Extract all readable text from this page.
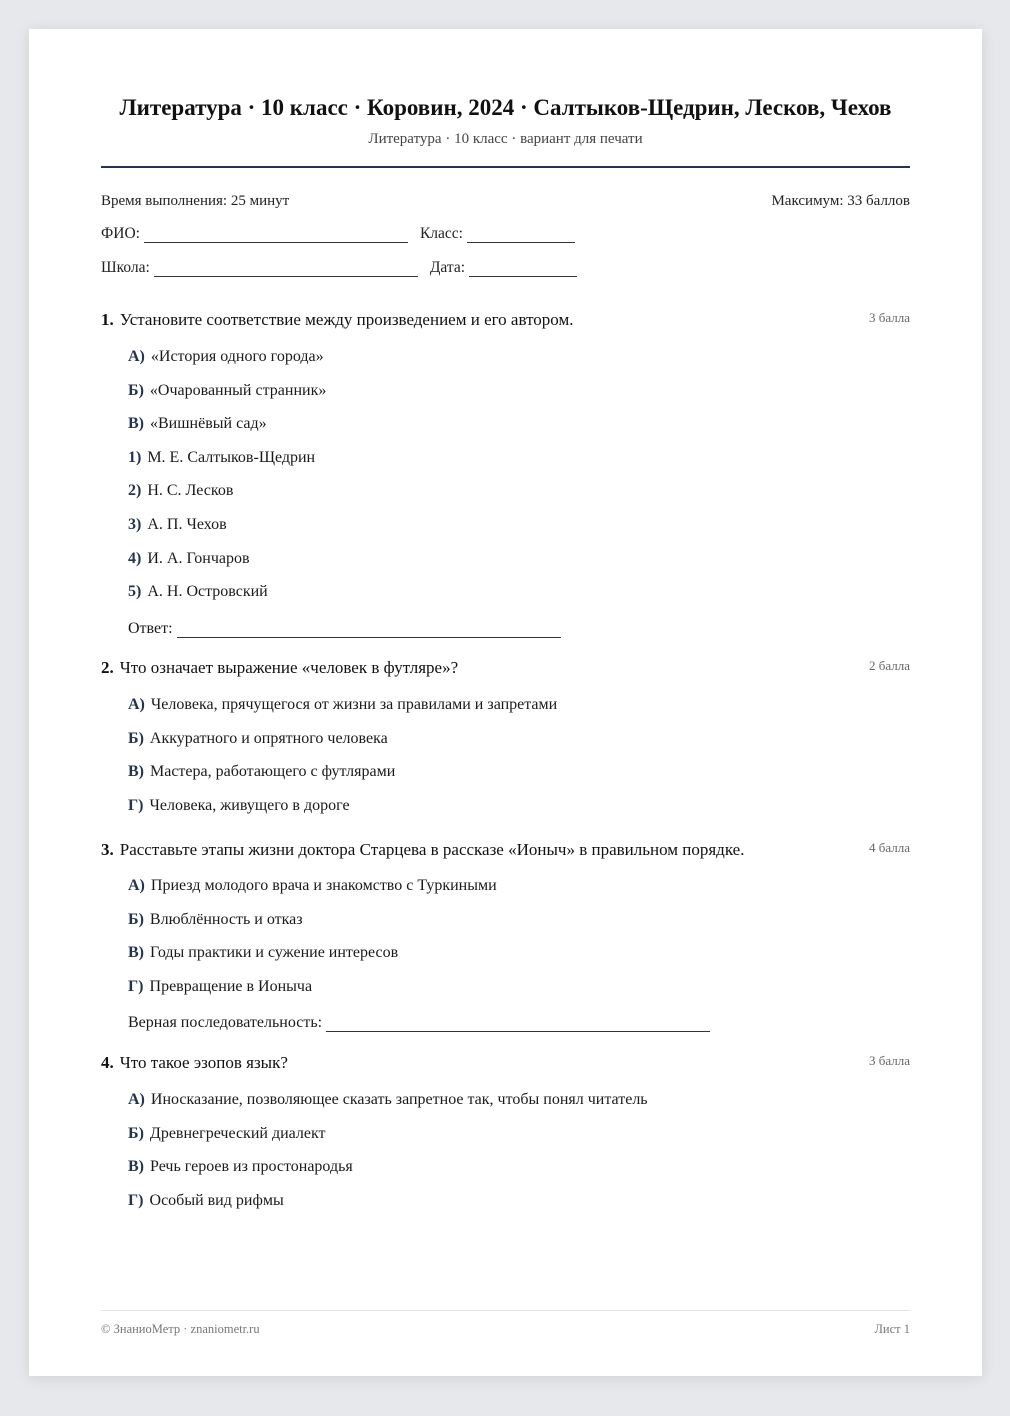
Литература · 10 класс · Коровин, 2024 · Салтыков-Щедрин, Лесков, Чехов
Литература · 10 класс · вариант для печати
Время выполнения: 25 минут	Максимум: 33 баллов
ФИО:	Класс:
Школа:	Дата:
1. Установите соответствие между произведением и его автором.	3 балла
А) «История одного города»
Б) «Очарованный странник»
В) «Вишнёвый сад»
1) М. Е. Салтыков-Щедрин
2) Н. С. Лесков
3) А. П. Чехов
4) И. А. Гончаров
5) А. Н. Островский
Ответ:
2. Что означает выражение «человек в футляре»?	2 балла
А) Человека, прячущегося от жизни за правилами и запретами
Б) Аккуратного и опрятного человека
В) Мастера, работающего с футлярами
Г) Человека, живущего в дороге
3. Расставьте этапы жизни доктора Старцева в рассказе «Ионыч» в правильном порядке.	4 балла
А) Приезд молодого врача и знакомство с Туркиными
Б) Влюблённость и отказ
В) Годы практики и сужение интересов
Г) Превращение в Ионыча
Верная последовательность:
4. Что такое эзопов язык?	3 балла
А) Иносказание, позволяющее сказать запретное так, чтобы понял читатель
Б) Древнегреческий диалект
В) Речь героев из простонародья
Г) Особый вид рифмы
© ЗнаниоМетр · znaniometr.ru	Лист 1
